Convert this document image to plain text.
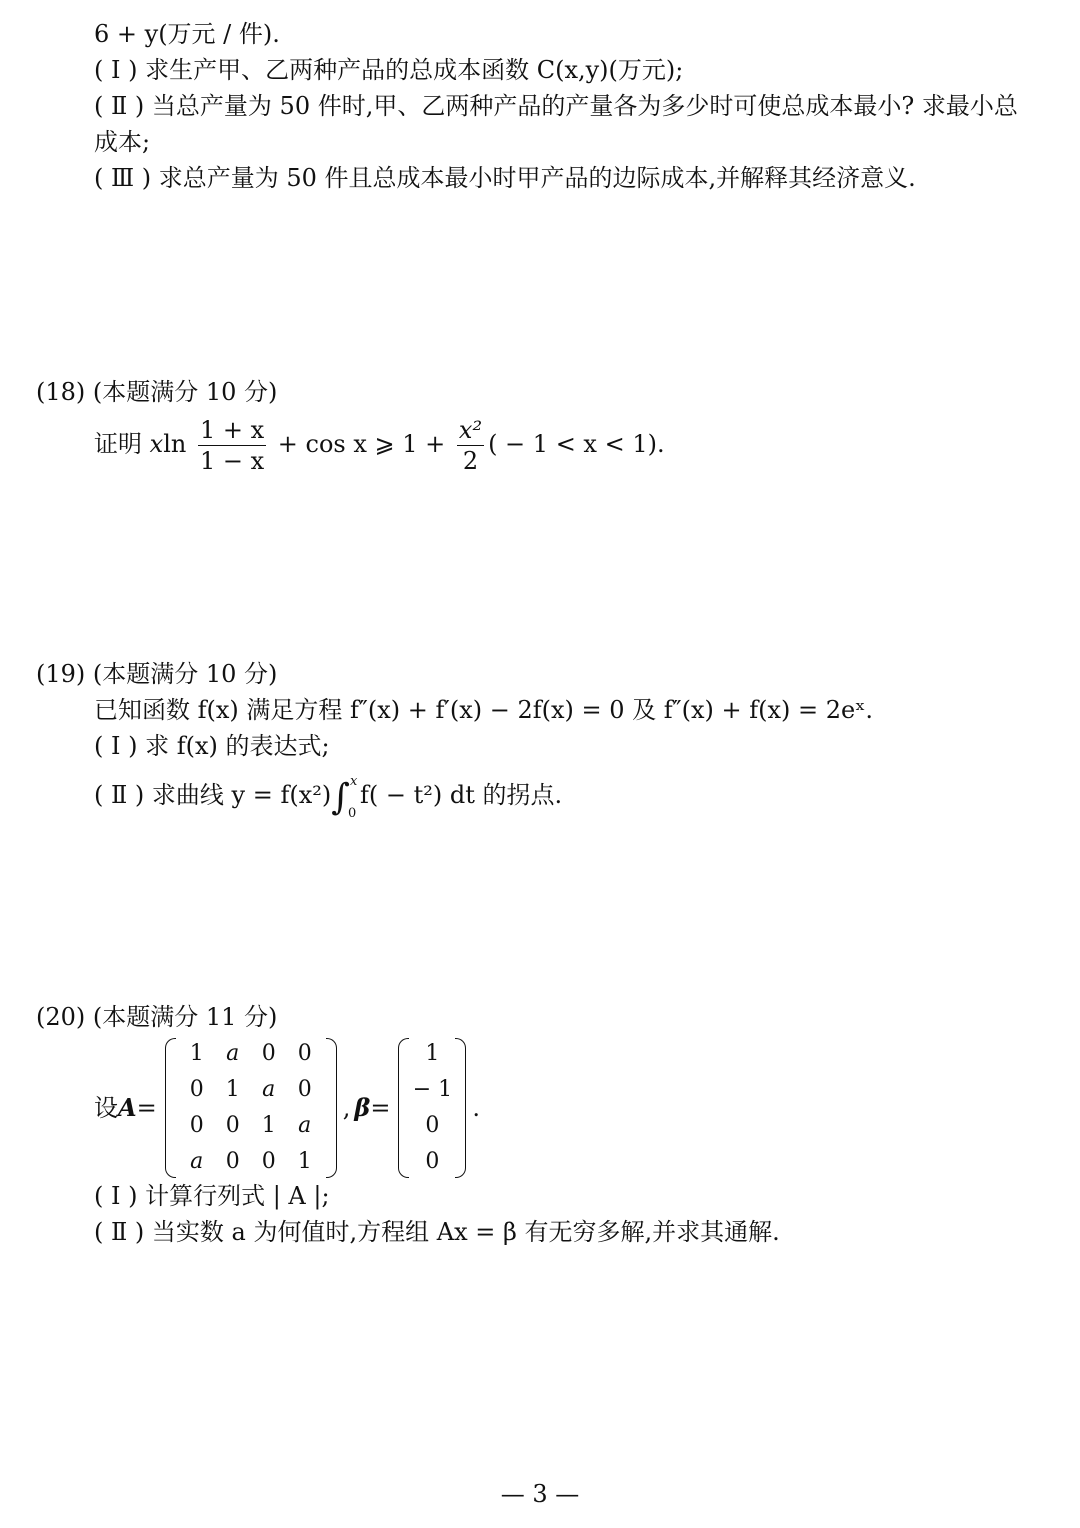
6 + y(万元 / 件).
( Ⅰ ) 求生产甲、乙两种产品的总成本函数 C(x,y)(万元);
( Ⅱ ) 当总产量为 50 件时,甲、乙两种产品的产量各为多少时可使总成本最小? 求最小总
成本;
( Ⅲ ) 求总产量为 50 件且总成本最小时甲产品的边际成本,并解释其经济意义.
(18) (本题满分 10 分)
证明 xln $\frac{1 + x}{1 - x} + \cos x$ ⩾ $1 + \frac{\text{x²}}{2}$ ( − 1 < x < 1).
(19) (本题满分 10 分)
已知函数 f(x) 满足方程 f″(x) + f′(x) − 2f(x) = 0 及 f″(x) + f(x) = 2eˣ.
( Ⅰ ) 求 f(x) 的表达式;
( Ⅱ ) 求曲线 y = f(x²)∫ x
0
f( − t²) dt 的拐点.
(20) (本题满分 11 分)
设 A =
1	a	0	0
0	1	a	0
0	0	1	a
a	0	0	1
, β =
1
− 1
0
0
.
( Ⅰ ) 计算行列式 | A |;
( Ⅱ ) 当实数 a 为何值时,方程组 Ax = β 有无穷多解,并求其通解.
— 3 —
